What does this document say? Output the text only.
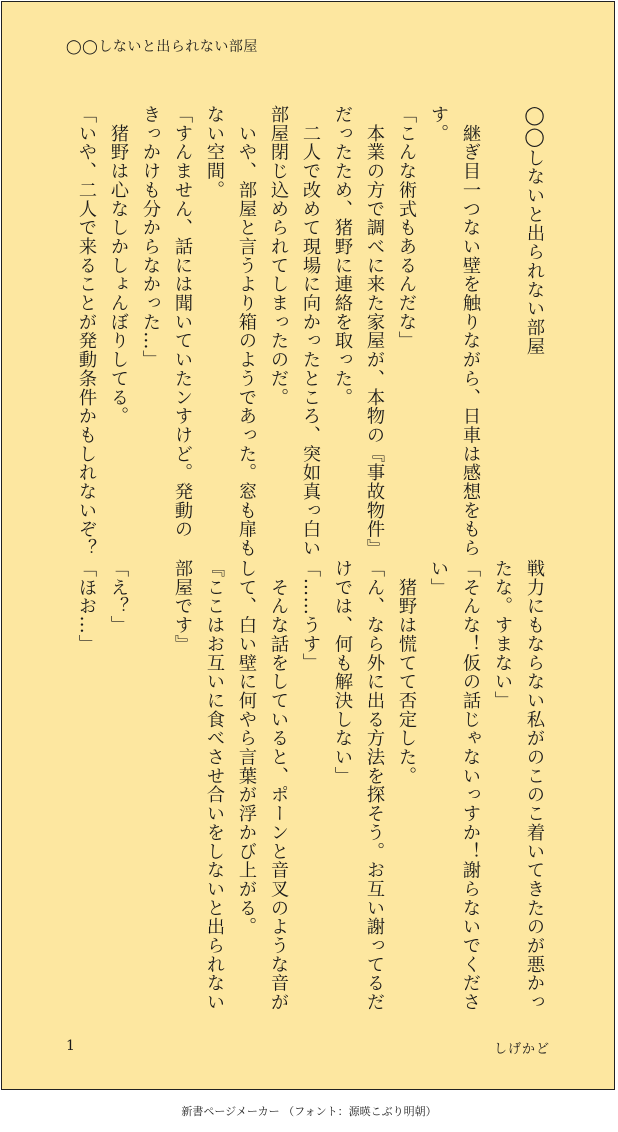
◯◯しないと出られない部屋

◯◯しないと出られない部屋

　継ぎ目一つない壁を触りながら、日車は感想をもら

す。

「こんな術式もあるんだな」

　本業の方で調べに来た家屋が、本物の『事故物件』

だったため、猪野に連絡を取った。

　二人で改めて現場に向かったところ、突如真っ白い

部屋閉じ込められてしまったのだ。

　いや、部屋と言うより箱のようであった。窓も扉も

ない空間。

「すんません、話には聞いていたンすけど。発動の

きっかけも分からなかった…」

　猪野は心なしかしょんぼりしてる。

「いや、二人で来ることが発動条件かもしれないぞ？

戦力にもならない私がのこのこ着いてきたのが悪かっ

たな。すまない」

「そんな！仮の話じゃないっすか！謝らないでくださ

い」

　猪野は慌てて否定した。

「ん、なら外に出る方法を探そう。お互い謝ってるだ

けでは、何も解決しない」

「……うす」

　そんな話をしていると、ポーンと音叉のような音が

して、白い壁に何やら言葉が浮かび上がる。

『ここはお互いに食べさせ合いをしないと出られない

部屋です』

「え？」

「ほお…」

1	しげかど
新書ページメーカー （フォント：源暎こぶり明朝）
